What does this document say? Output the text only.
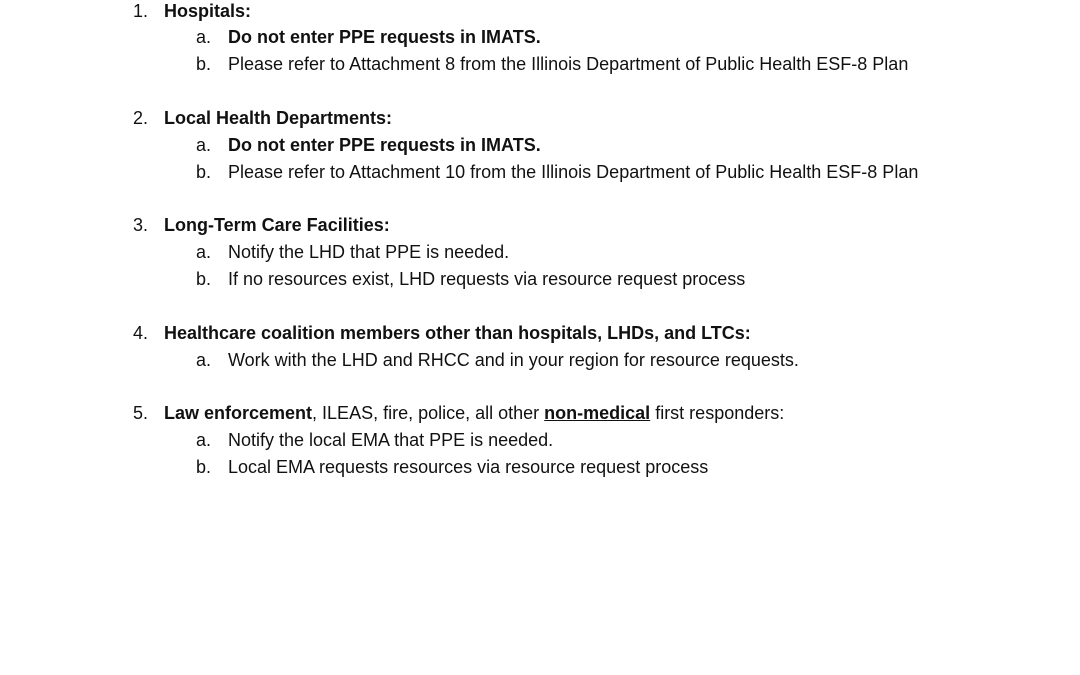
1. Hospitals:
a. Do not enter PPE requests in IMATS.
b. Please refer to Attachment 8 from the Illinois Department of Public Health ESF-8 Plan
2. Local Health Departments:
a. Do not enter PPE requests in IMATS.
b. Please refer to Attachment 10 from the Illinois Department of Public Health ESF-8 Plan
3. Long-Term Care Facilities:
a. Notify the LHD that PPE is needed.
b. If no resources exist, LHD requests via resource request process
4. Healthcare coalition members other than hospitals, LHDs, and LTCs:
a. Work with the LHD and RHCC and in your region for resource requests.
5. Law enforcement, ILEAS, fire, police, all other non-medical first responders:
a. Notify the local EMA that PPE is needed.
b. Local EMA requests resources via resource request process
